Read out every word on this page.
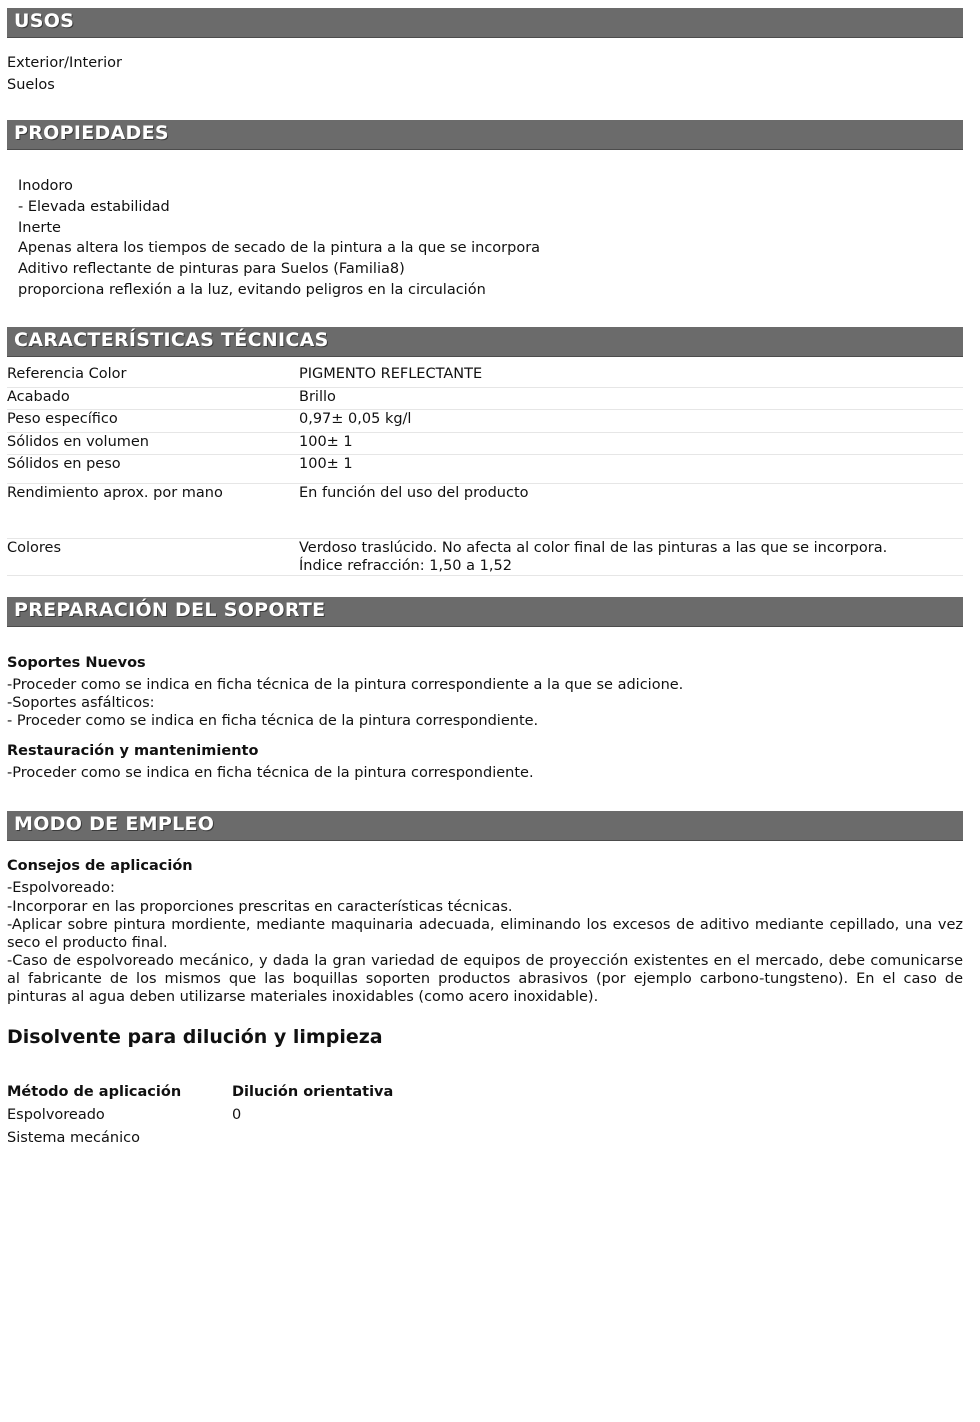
USOS
Exterior/Interior
Suelos
PROPIEDADES
Inodoro
- Elevada estabilidad
Inerte
Apenas altera los tiempos de secado de la pintura a la que se incorpora
Aditivo reflectante de pinturas para Suelos (Familia8)
proporciona reflexión a la luz, evitando peligros en la circulación
CARACTERÍSTICAS TÉCNICAS
Referencia Color	PIGMENTO REFLECTANTE
Acabado	Brillo
Peso específico	0,97± 0,05 kg/l
Sólidos en volumen	100± 1
Sólidos en peso	100± 1
Rendimiento aprox. por mano	En función del uso del producto
Colores	Verdoso traslúcido. No afecta al color final de las pinturas a las que se incorpora.
Índice refracción: 1,50 a 1,52
PREPARACIÓN DEL SOPORTE
Soportes Nuevos
-Proceder como se indica en ficha técnica de la pintura correspondiente a la que se adicione.
-Soportes asfálticos:
- Proceder como se indica en ficha técnica de la pintura correspondiente.
Restauración y mantenimiento
-Proceder como se indica en ficha técnica de la pintura correspondiente.
MODO DE EMPLEO
Consejos de aplicación
-Espolvoreado:
-Incorporar en las proporciones prescritas en características técnicas.
-Aplicar sobre pintura mordiente, mediante maquinaria adecuada, eliminando los excesos de aditivo mediante cepillado, una vez seco el producto final.
-Caso de espolvoreado mecánico, y dada la gran variedad de equipos de proyección existentes en el mercado, debe comunicarse al fabricante de los mismos que las boquillas soporten productos abrasivos (por ejemplo carbono-tungsteno). En el caso de pinturas al agua deben utilizarse materiales inoxidables (como acero inoxidable).
Disolvente para dilución y limpieza
Método de aplicación	Dilución orientativa
Espolvoreado	0
Sistema mecánico
